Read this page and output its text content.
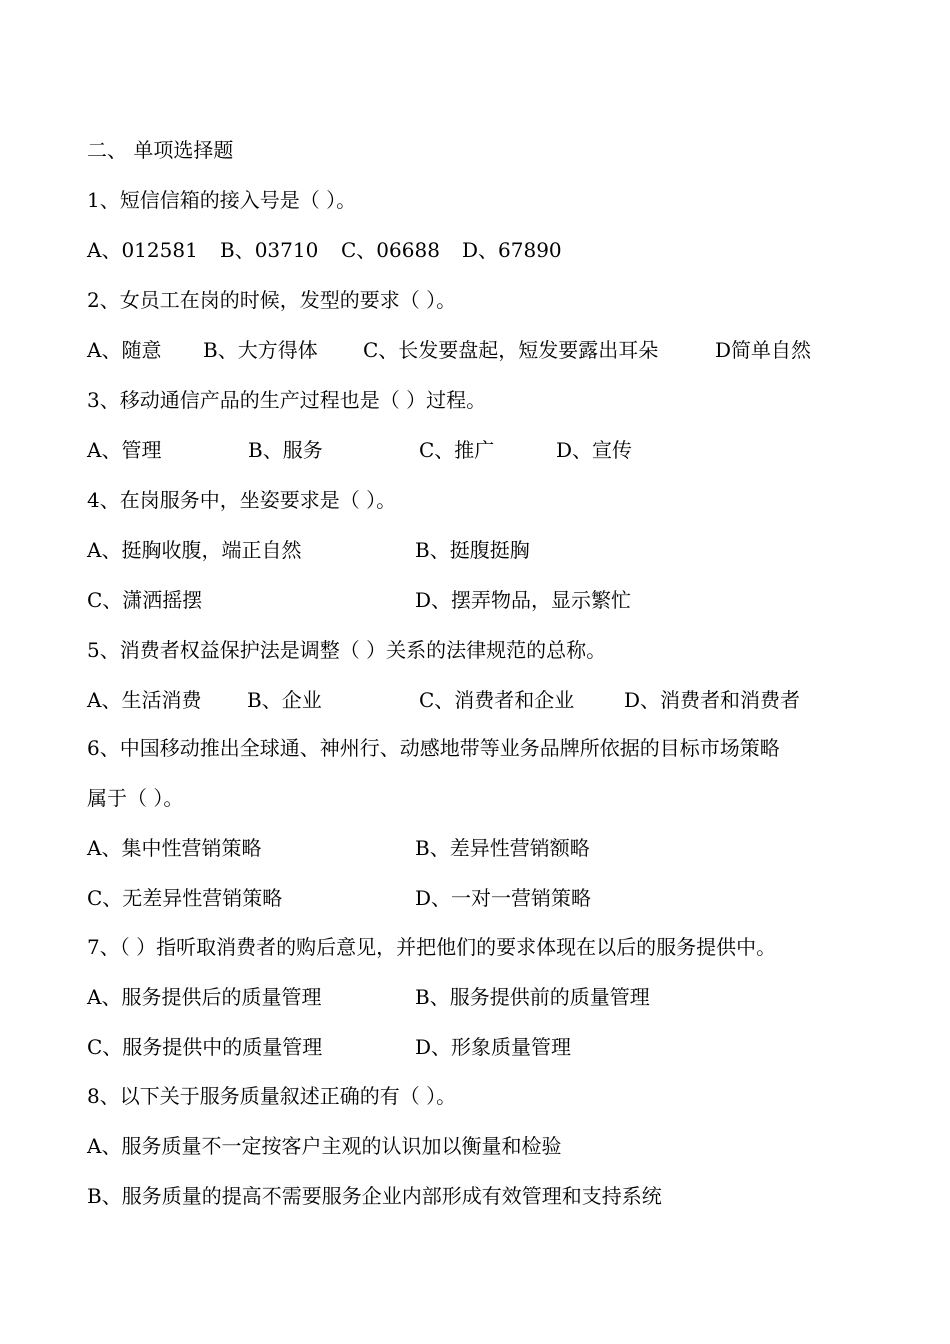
二、 单项选择题
1、短信信箱的接入号是（ ）。
A、012581 B、03710 C、06688 D、67890
2、女员工在岗的时候，发型的要求（ ）。
A、随意 B、大方得体 C、长发要盘起，短发要露出耳朵	D简单自然
3、移动通信产品的生产过程也是（ ）过程。
A、管理	B、服务	C、推广	D、宣传
4、在岗服务中，坐姿要求是（ ）。
A、挺胸收腹，端正自然	B、挺腹挺胸
C、潇洒摇摆	D、摆弄物品，显示繁忙
5、消费者权益保护法是调整（ ）关系的法律规范的总称。
A、生活消费 B、企业	C、消费者和企业 D、消费者和消费者
6、中国移动推出全球通、神州行、动感地带等业务品牌所依据的目标市场策略
属于（ ）。
A、集中性营销策略	B、差异性营销额略
C、无差异性营销策略	D、一对一营销策略
7、（ ）指听取消费者的购后意见，并把他们的要求体现在以后的服务提供中。
A、服务提供后的质量管理	B、服务提供前的质量管理
C、服务提供中的质量管理	D、形象质量管理
8、以下关于服务质量叙述正确的有（ ）。
A、服务质量不一定按客户主观的认识加以衡量和检验
B、服务质量的提高不需要服务企业内部形成有效管理和支持系统
